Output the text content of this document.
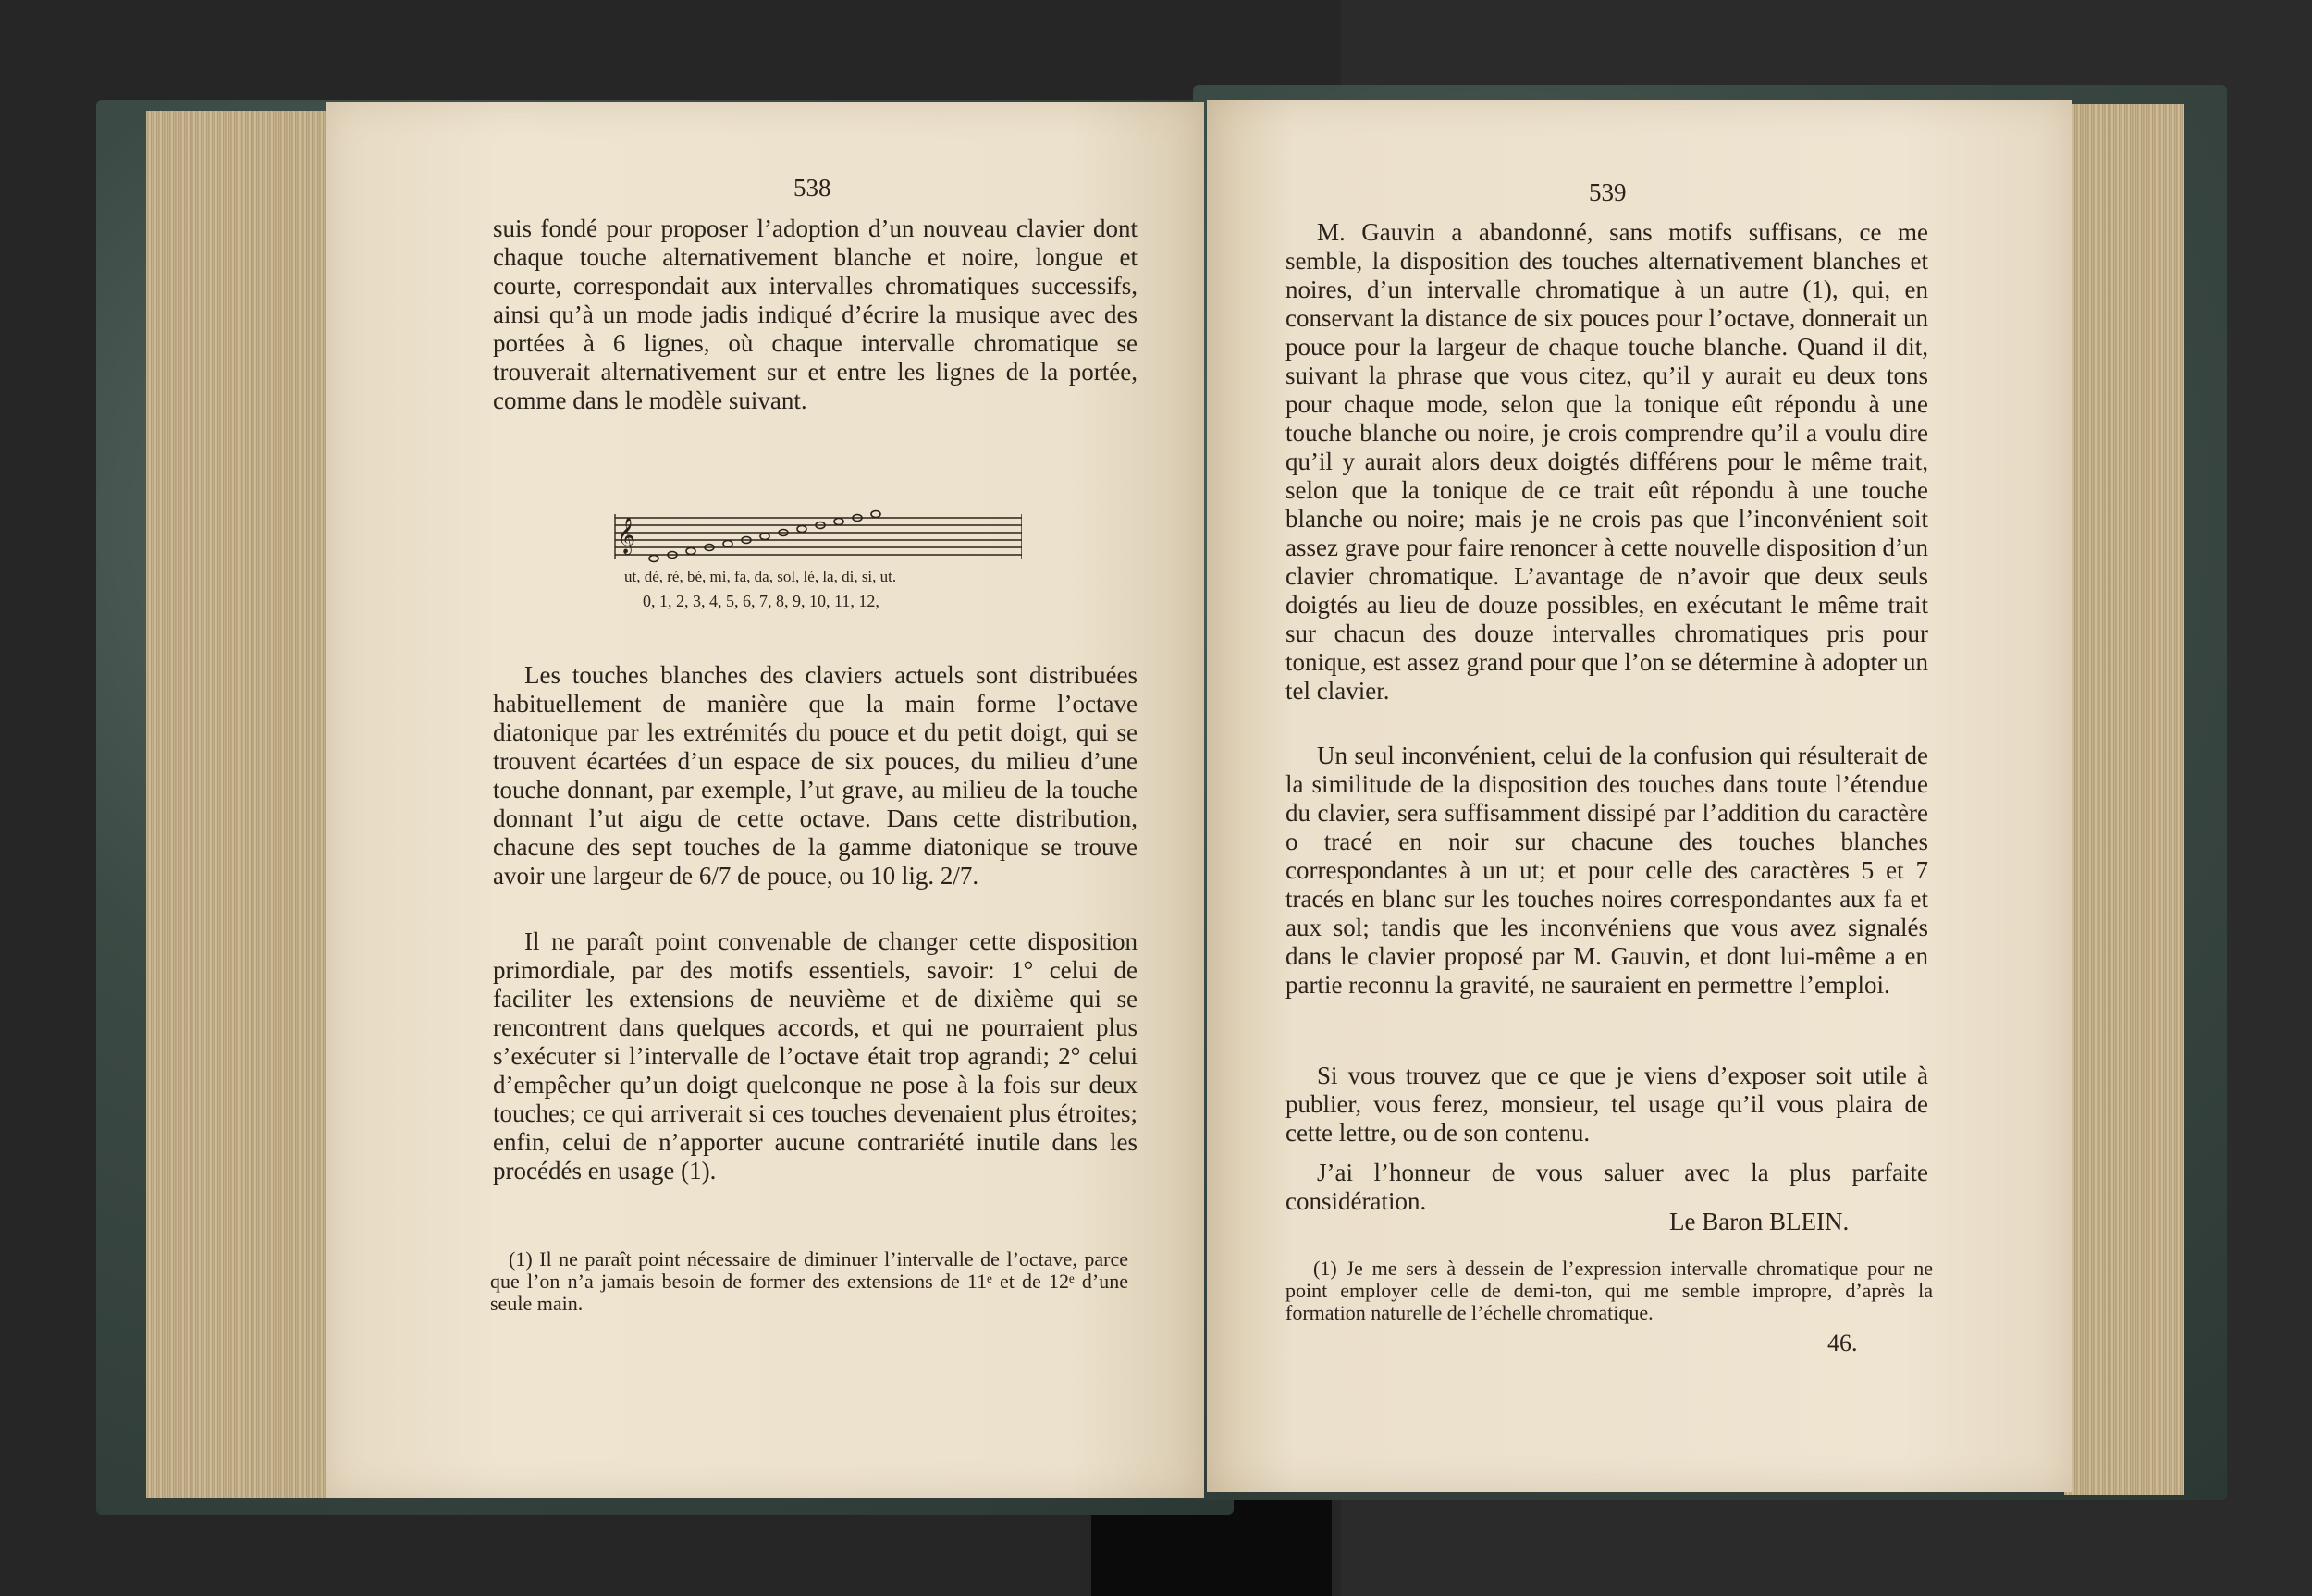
538

suis fondé pour proposer l’adoption d’un nouveau clavier dont chaque touche alternativement blanche et noire, longue et courte, correspondait aux intervalles chromatiques successifs, ainsi qu’à un mode jadis indiqué d’écrire la musique avec des portées à 6 lignes, où chaque intervalle chromatique se trouverait alternativement sur et entre les lignes de la portée, comme dans le modèle suivant.

𝄞
ut, dé, ré, bé, mi, fa, da, sol, lé, la, di, si, ut.
0, 1, 2, 3, 4, 5, 6, 7, 8, 9, 10, 11, 12,

Les touches blanches des claviers actuels sont distribuées habituellement de manière que la main forme l’octave diatonique par les extrémités du pouce et du petit doigt, qui se trouvent écartées d’un espace de six pouces, du milieu d’une touche donnant, par exemple, l’ut grave, au milieu de la touche donnant l’ut aigu de cette octave. Dans cette distribution, chacune des sept touches de la gamme diatonique se trouve avoir une largeur de 6/7 de pouce, ou 10 lig. 2/7.

Il ne paraît point convenable de changer cette disposition primordiale, par des motifs essentiels, savoir: 1° celui de faciliter les extensions de neuvième et de dixième qui se rencontrent dans quelques accords, et qui ne pourraient plus s’exécuter si l’intervalle de l’octave était trop agrandi; 2° celui d’empêcher qu’un doigt quelconque ne pose à la fois sur deux touches; ce qui arriverait si ces touches devenaient plus étroites; enfin, celui de n’apporter aucune contrariété inutile dans les procédés en usage (1).

(1) Il ne paraît point nécessaire de diminuer l’intervalle de l’octave, parce que l’on n’a jamais besoin de former des extensions de 11ᵉ et de 12ᵉ d’une seule main.

539

M. Gauvin a abandonné, sans motifs suffisans, ce me semble, la disposition des touches alternativement blanches et noires, d’un intervalle chromatique à un autre (1), qui, en conservant la distance de six pouces pour l’octave, donnerait un pouce pour la largeur de chaque touche blanche. Quand il dit, suivant la phrase que vous citez, qu’il y aurait eu deux tons pour chaque mode, selon que la tonique eût répondu à une touche blanche ou noire, je crois comprendre qu’il a voulu dire qu’il y aurait alors deux doigtés différens pour le même trait, selon que la tonique de ce trait eût répondu à une touche blanche ou noire; mais je ne crois pas que l’inconvénient soit assez grave pour faire renoncer à cette nouvelle disposition d’un clavier chromatique. L’avantage de n’avoir que deux seuls doigtés au lieu de douze possibles, en exécutant le même trait sur chacun des douze intervalles chromatiques pris pour tonique, est assez grand pour que l’on se détermine à adopter un tel clavier.

Un seul inconvénient, celui de la confusion qui résulterait de la similitude de la disposition des touches dans toute l’étendue du clavier, sera suffisamment dissipé par l’addition du caractère o tracé en noir sur chacune des touches blanches correspondantes à un ut; et pour celle des caractères 5 et 7 tracés en blanc sur les touches noires correspondantes aux fa et aux sol; tandis que les inconvéniens que vous avez signalés dans le clavier proposé par M. Gauvin, et dont lui-même a en partie reconnu la gravité, ne sauraient en permettre l’emploi.

Si vous trouvez que ce que je viens d’exposer soit utile à publier, vous ferez, monsieur, tel usage qu’il vous plaira de cette lettre, ou de son contenu.

J’ai l’honneur de vous saluer avec la plus parfaite considération.

Le Baron BLEIN.

(1) Je me sers à dessein de l’expression intervalle chromatique pour ne point employer celle de demi-ton, qui me semble impropre, d’après la formation naturelle de l’échelle chromatique.

46.
